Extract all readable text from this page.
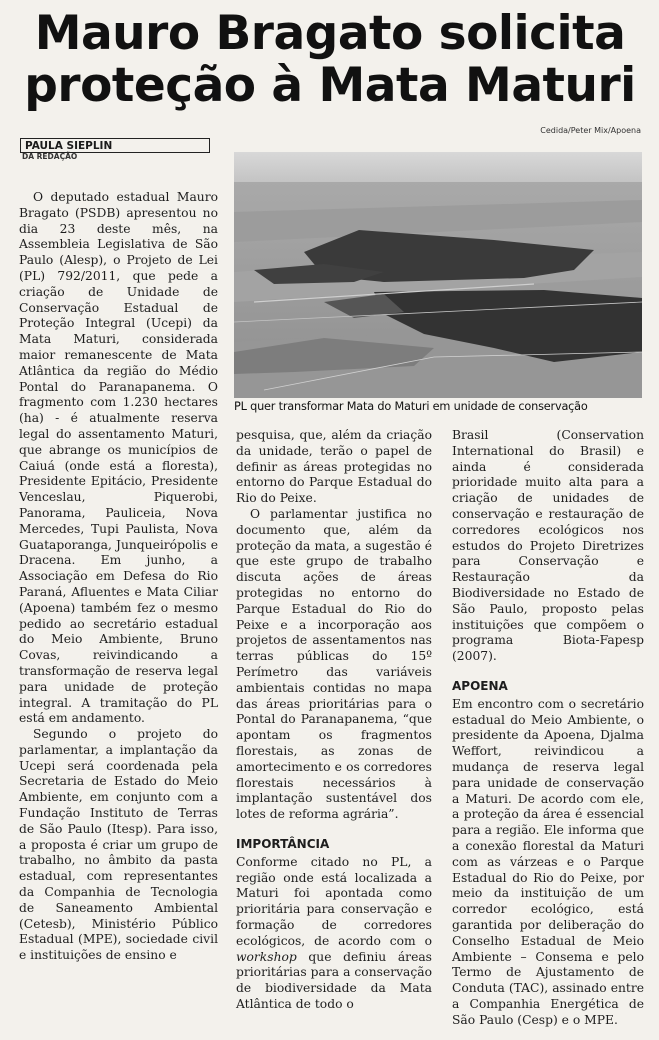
Mauro Bragato solicita proteção à Mata Maturi
Cedida/Peter Mix/Apoena
PAULA SIEPLIN
DA REDAÇÃO
PL quer transformar Mata do Maturi em unidade de conservação

O deputado estadual Mauro Bragato (PSDB) apresentou no dia 23 deste mês, na Assembleia Legislativa de São Paulo (Alesp), o Projeto de Lei (PL) 792/2011, que pede a criação de Unidade de Conservação Estadual de Proteção Integral (Ucepi) da Mata Maturi, considerada maior remanescente de Mata Atlântica da região do Médio Pontal do Paranapanema. O fragmento com 1.230 hectares (ha) - é atualmente reserva legal do assentamento Maturi, que abrange os municípios de Caiuá (onde está a floresta), Presidente Epitácio, Presidente Venceslau, Piquerobi, Panorama, Pauliceia, Nova Mercedes, Tupi Paulista, Nova Guataporanga, Junqueirópolis e Dracena. Em junho, a Associação em Defesa do Rio Paraná, Afluentes e Mata Ciliar (Apoena) também fez o mesmo pedido ao secretário estadual do Meio Ambiente, Bruno Covas, reivindicando a transformação de reserva legal para unidade de proteção integral. A tramitação do PL está em andamento.

Segundo o projeto do parlamentar, a implantação da Ucepi será coordenada pela Secretaria de Estado do Meio Ambiente, em conjunto com a Fundação Instituto de Terras de São Paulo (Itesp). Para isso, a proposta é criar um grupo de trabalho, no âmbito da pasta estadual, com representantes da Companhia de Tecnologia de Saneamento Ambiental (Cetesb), Ministério Público Estadual (MPE), sociedade civil e instituições de ensino e

pesquisa, que, além da criação da unidade, terão o papel de definir as áreas protegidas no entorno do Parque Estadual do Rio do Peixe.

O parlamentar justifica no documento que, além da proteção da mata, a sugestão é que este grupo de trabalho discuta ações de áreas protegidas no entorno do Parque Estadual do Rio do Peixe e a incorporação aos projetos de assentamentos nas terras públicas do 15º Perímetro das variáveis ambientais contidas no mapa das áreas prioritárias para o Pontal do Paranapanema, “que apontam os fragmentos florestais, as zonas de amortecimento e os corredores florestais necessários à implantação sustentável dos lotes de reforma agrária”.

IMPORTÂNCIA

Conforme citado no PL, a região onde está localizada a Maturi foi apontada como prioritária para conservação e formação de corredores ecológicos, de acordo com o workshop que definiu áreas prioritárias para a conservação de biodiversidade da Mata Atlântica de todo o

Brasil (Conservation International do Brasil) e ainda é considerada prioridade muito alta para a criação de unidades de conservação e restauração de corredores ecológicos nos estudos do Projeto Diretrizes para Conservação e Restauração da Biodiversidade no Estado de São Paulo, proposto pelas instituições que compõem o programa Biota-Fapesp (2007).

APOENA

Em encontro com o secretário estadual do Meio Ambiente, o presidente da Apoena, Djalma Weffort, reivindicou a mudança de reserva legal para unidade de conservação a Maturi. De acordo com ele, a proteção da área é essencial para a região. Ele informa que a conexão florestal da Maturi com as várzeas e o Parque Estadual do Rio do Peixe, por meio da instituição de um corredor ecológico, está garantida por deliberação do Conselho Estadual de Meio Ambiente – Consema e pelo Termo de Ajustamento de Conduta (TAC), assinado entre a Companhia Energética de São Paulo (Cesp) e o MPE.
